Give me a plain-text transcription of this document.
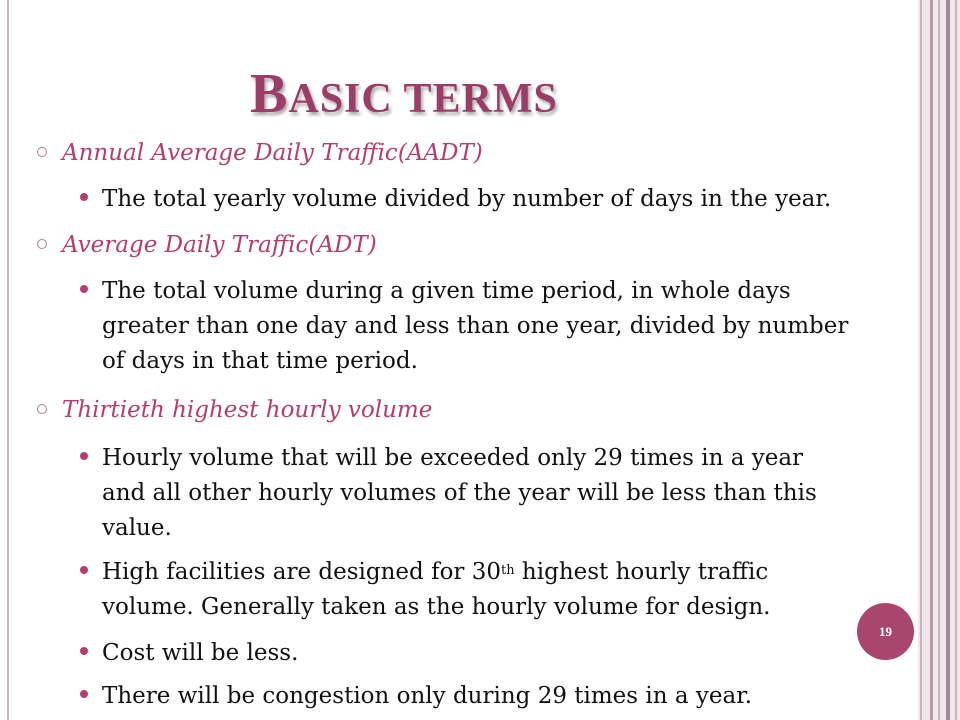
BASIC TERMS
Annual Average Daily Traffic(AADT)
The total yearly volume divided by number of days in the year.
Average Daily Traffic(ADT)
The total volume during a given time period, in whole days
greater than one day and less than one year, divided by number
of days in that time period.
Thirtieth highest hourly volume
Hourly volume that will be exceeded only 29 times in a year
and all other hourly volumes of the year will be less than this
value.
High facilities are designed for 30th highest hourly traffic
volume. Generally taken as the hourly volume for design.
Cost will be less.
There will be congestion only during 29 times in a year.
19
